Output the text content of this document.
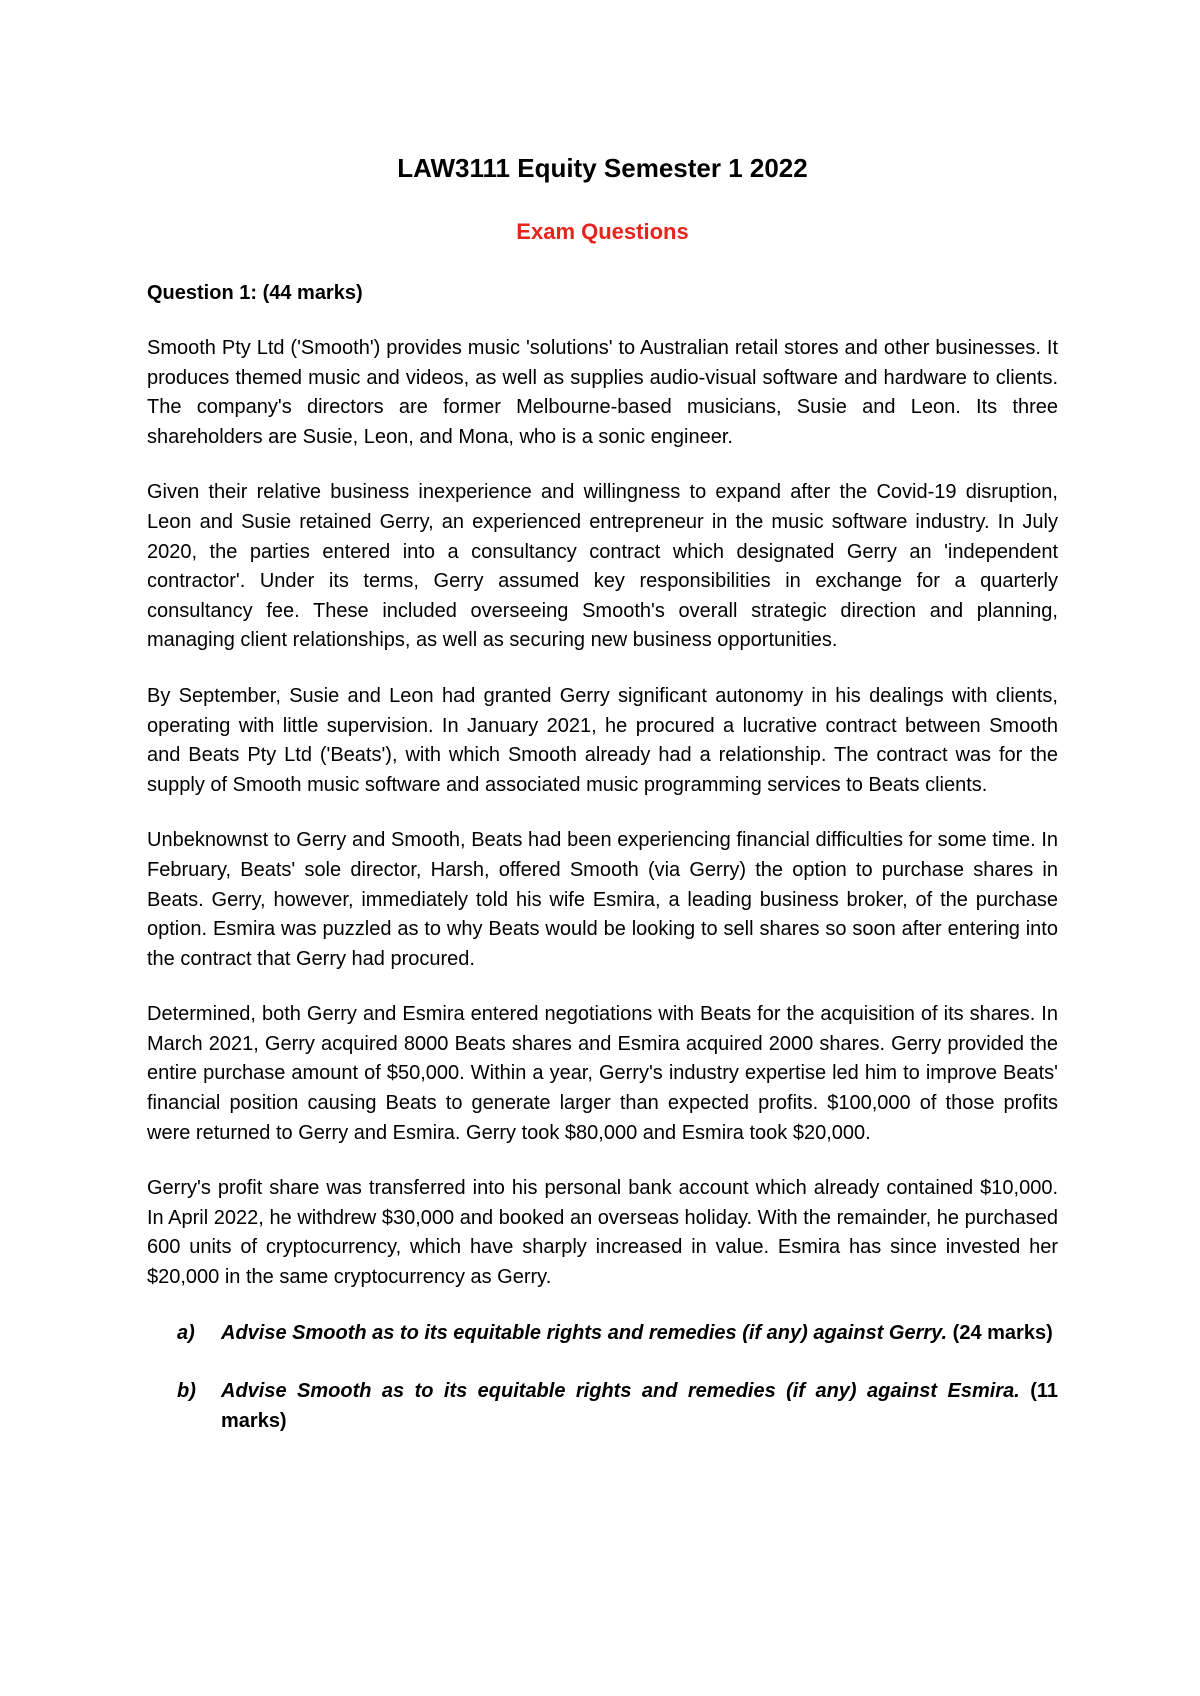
LAW3111 Equity Semester 1 2022
Exam Questions
Question 1: (44 marks)

Smooth Pty Ltd ('Smooth') provides music 'solutions' to Australian retail stores and other businesses. It produces themed music and videos, as well as supplies audio-visual software and hardware to clients. The company's directors are former Melbourne-based musicians, Susie and Leon. Its three shareholders are Susie, Leon, and Mona, who is a sonic engineer.

Given their relative business inexperience and willingness to expand after the Covid-19 disruption, Leon and Susie retained Gerry, an experienced entrepreneur in the music software industry. In July 2020, the parties entered into a consultancy contract which designated Gerry an 'independent contractor'. Under its terms, Gerry assumed key responsibilities in exchange for a quarterly consultancy fee. These included overseeing Smooth's overall strategic direction and planning, managing client relationships, as well as securing new business opportunities.

By September, Susie and Leon had granted Gerry significant autonomy in his dealings with clients, operating with little supervision. In January 2021, he procured a lucrative contract between Smooth and Beats Pty Ltd ('Beats'), with which Smooth already had a relationship. The contract was for the supply of Smooth music software and associated music programming services to Beats clients.

Unbeknownst to Gerry and Smooth, Beats had been experiencing financial difficulties for some time. In February, Beats' sole director, Harsh, offered Smooth (via Gerry) the option to purchase shares in Beats. Gerry, however, immediately told his wife Esmira, a leading business broker, of the purchase option. Esmira was puzzled as to why Beats would be looking to sell shares so soon after entering into the contract that Gerry had procured.

Determined, both Gerry and Esmira entered negotiations with Beats for the acquisition of its shares. In March 2021, Gerry acquired 8000 Beats shares and Esmira acquired 2000 shares. Gerry provided the entire purchase amount of $50,000. Within a year, Gerry's industry expertise led him to improve Beats' financial position causing Beats to generate larger than expected profits. $100,000 of those profits were returned to Gerry and Esmira. Gerry took $80,000 and Esmira took $20,000.

Gerry's profit share was transferred into his personal bank account which already contained $10,000. In April 2022, he withdrew $30,000 and booked an overseas holiday. With the remainder, he purchased 600 units of cryptocurrency, which have sharply increased in value. Esmira has since invested her $20,000 in the same cryptocurrency as Gerry.

a) Advise Smooth as to its equitable rights and remedies (if any) against Gerry. (24 marks)
b) Advise Smooth as to its equitable rights and remedies (if any) against Esmira. (11 marks)
